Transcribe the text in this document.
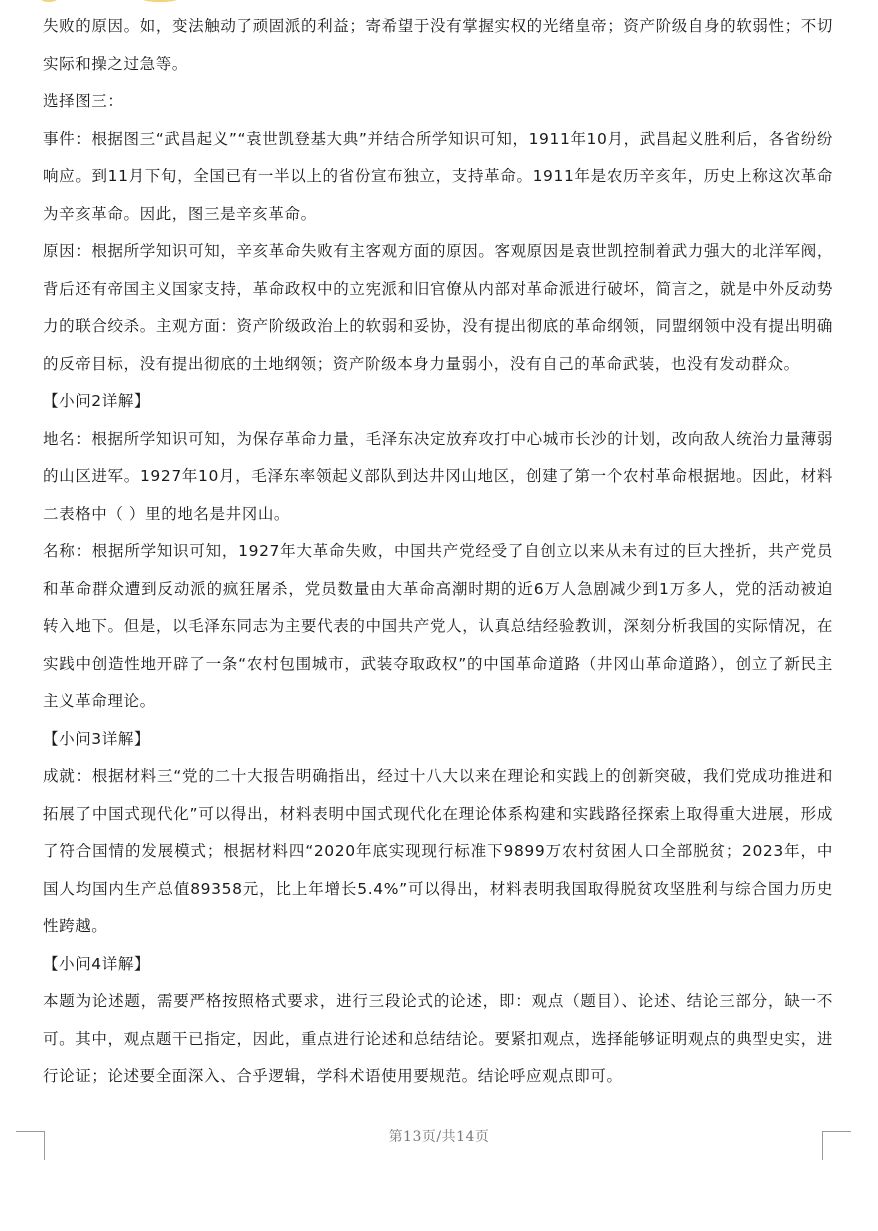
失败的原因。如，变法触动了顽固派的利益；寄希望于没有掌握实权的光绪皇帝；资产阶级自身的软弱性；不切实际和操之过急等。

选择图三：

事件：根据图三“武昌起义”“袁世凯登基大典”并结合所学知识可知，1911年10月，武昌起义胜利后，各省纷纷响应。到11月下旬，全国已有一半以上的省份宣布独立，支持革命。1911年是农历辛亥年，历史上称这次革命为辛亥革命。因此，图三是辛亥革命。

原因：根据所学知识可知，辛亥革命失败有主客观方面的原因。客观原因是袁世凯控制着武力强大的北洋军阀，背后还有帝国主义国家支持，革命政权中的立宪派和旧官僚从内部对革命派进行破坏，简言之，就是中外反动势力的联合绞杀。主观方面：资产阶级政治上的软弱和妥协，没有提出彻底的革命纲领，同盟纲领中没有提出明确的反帝目标，没有提出彻底的土地纲领；资产阶级本身力量弱小，没有自己的革命武装，也没有发动群众。

【小问2详解】

地名：根据所学知识可知，为保存革命力量，毛泽东决定放弃攻打中心城市长沙的计划，改向敌人统治力量薄弱的山区进军。1927年10月，毛泽东率领起义部队到达井冈山地区，创建了第一个农村革命根据地。因此，材料二表格中（ ）里的地名是井冈山。

名称：根据所学知识可知，1927年大革命失败，中国共产党经受了自创立以来从未有过的巨大挫折，共产党员和革命群众遭到反动派的疯狂屠杀，党员数量由大革命高潮时期的近6万人急剧减少到1万多人，党的活动被迫转入地下。但是，以毛泽东同志为主要代表的中国共产党人，认真总结经验教训，深刻分析我国的实际情况，在实践中创造性地开辟了一条“农村包围城市，武装夺取政权”的中国革命道路（井冈山革命道路），创立了新民主主义革命理论。

【小问3详解】

成就：根据材料三“党的二十大报告明确指出，经过十八大以来在理论和实践上的创新突破，我们党成功推进和拓展了中国式现代化”可以得出，材料表明中国式现代化在理论体系构建和实践路径探索上取得重大进展，形成了符合国情的发展模式；根据材料四“2020年底实现现行标准下9899万农村贫困人口全部脱贫；2023年，中国人均国内生产总值89358元，比上年增长5.4%”可以得出，材料表明我国取得脱贫攻坚胜利与综合国力历史性跨越。

【小问4详解】

本题为论述题，需要严格按照格式要求，进行三段论式的论述，即：观点（题目）、论述、结论三部分，缺一不可。其中，观点题干已指定，因此，重点进行论述和总结结论。要紧扣观点，选择能够证明观点的典型史实，进行论证；论述要全面深入、合乎逻辑，学科术语使用要规范。结论呼应观点即可。

第13页/共14页
